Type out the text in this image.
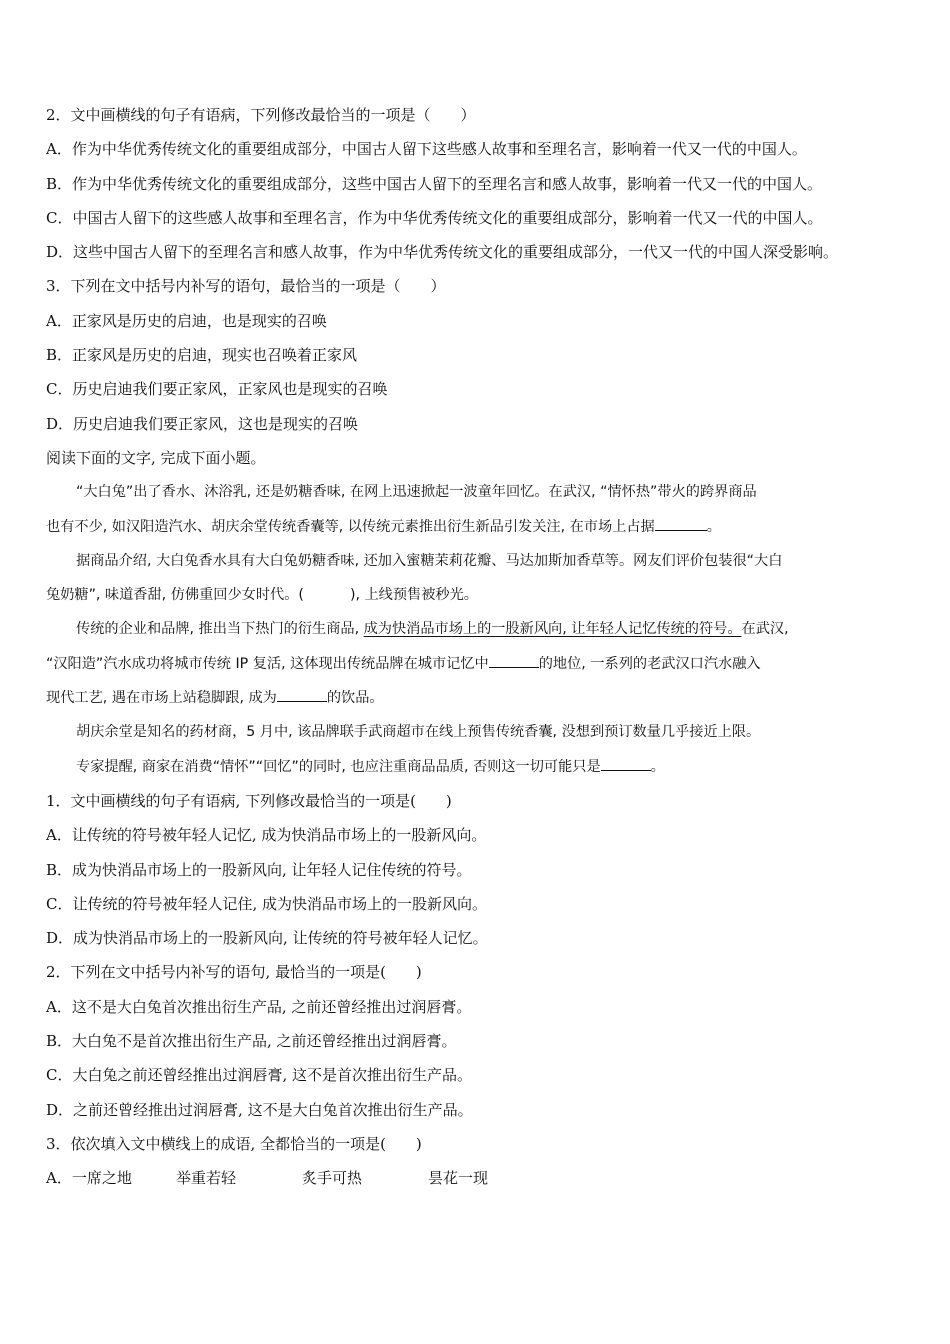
2．文中画横线的句子有语病，下列修改最恰当的一项是（　　）
A．作为中华优秀传统文化的重要组成部分，中国古人留下这些感人故事和至理名言，影响着一代又一代的中国人。
B．作为中华优秀传统文化的重要组成部分，这些中国古人留下的至理名言和感人故事，影响着一代又一代的中国人。
C．中国古人留下的这些感人故事和至理名言，作为中华优秀传统文化的重要组成部分，影响着一代又一代的中国人。
D．这些中国古人留下的至理名言和感人故事，作为中华优秀传统文化的重要组成部分，一代又一代的中国人深受影响。
3．下列在文中括号内补写的语句，最恰当的一项是（　　）
A．正家风是历史的启迪，也是现实的召唤
B．正家风是历史的启迪，现实也召唤着正家风
C．历史启迪我们要正家风，正家风也是现实的召唤
D．历史启迪我们要正家风，这也是现实的召唤
阅读下面的文字, 完成下面小题。
“大白兔”出了香水、沐浴乳, 还是奶糖香味, 在网上迅速掀起一波童年回忆。在武汉, “情怀热”带火的跨界商品
也有不少, 如汉阳造汽水、胡庆余堂传统香囊等, 以传统元素推出衍生新品引发关注, 在市场上占据	。
据商品介绍, 大白兔香水具有大白兔奶糖香味, 还加入蜜糖茉莉花瓣、马达加斯加香草等。网友们评价包装很“大白
兔奶糖”, 味道香甜, 仿佛重回少女时代。(	), 上线预售被秒光。
传统的企业和品牌, 推出当下热门的衍生商品, 成为快消品市场上的一股新风向, 让年轻人记忆传统的符号。在武汉,
“汉阳造”汽水成功将城市传统 IP 复活, 这体现出传统品牌在城市记忆中	的地位, 一系列的老武汉口汽水融入
现代工艺, 遇在市场上站稳脚跟, 成为	的饮品。
胡庆余堂是知名的药材商，5 月中, 该品牌联手武商超市在线上预售传统香囊, 没想到预订数量几乎接近上限。
专家提醒, 商家在消费“情怀”“回忆”的同时, 也应注重商品品质, 否则这一切可能只是	。
1．文中画横线的句子有语病, 下列修改最恰当的一项是(　　)
A．让传统的符号被年轻人记忆, 成为快消品市场上的一股新风向。
B．成为快消品市场上的一股新风向, 让年轻人记住传统的符号。
C．让传统的符号被年轻人记住, 成为快消品市场上的一股新风向。
D．成为快消品市场上的一股新风向, 让传统的符号被年轻人记忆。
2．下列在文中括号内补写的语句, 最恰当的一项是(　　)
A．这不是大白兔首次推出衍生产品, 之前还曾经推出过润唇膏。
B．大白兔不是首次推出衍生产品, 之前还曾经推出过润唇膏。
C．大白兔之前还曾经推出过润唇膏, 这不是首次推出衍生产品。
D．之前还曾经推出过润唇膏, 这不是大白兔首次推出衍生产品。
3．依次填入文中横线上的成语, 全都恰当的一项是(　　)
A．一席之地	举重若轻	炙手可热	昙花一现
